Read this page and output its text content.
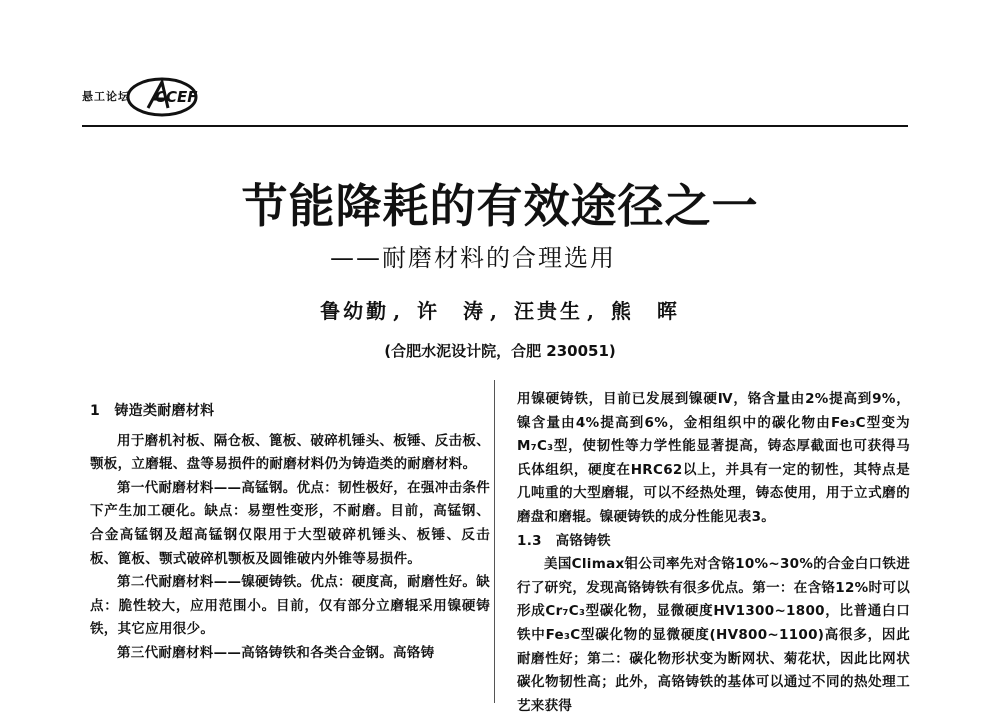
悬工论坛 CCEF
节能降耗的有效途径之一
——耐磨材料的合理选用
鲁幼勤 , 许　涛 , 汪贵生 , 熊　晖
(合肥水泥设计院，合肥 230051)
1　铸造类耐磨材料

用于磨机衬板、隔仓板、篦板、破碎机锤头、板锤、反击板、颚板，立磨辊、盘等易损件的耐磨材料仍为铸造类的耐磨材料。

第一代耐磨材料——高锰钢。优点：韧性极好，在强冲击条件下产生加工硬化。缺点：易塑性变形，不耐磨。目前，高锰钢、合金高锰钢及超高锰钢仅限用于大型破碎机锤头、板锤、反击板、篦板、颚式破碎机颚板及圆锥破内外锥等易损件。

第二代耐磨材料——镍硬铸铁。优点：硬度高，耐磨性好。缺点：脆性较大，应用范围小。目前，仅有部分立磨辊采用镍硬铸铁，其它应用很少。

第三代耐磨材料——高铬铸铁和各类合金钢。高铬铸

用镍硬铸铁，目前已发展到镍硬Ⅳ，铬含量由2%提高到9%，镍含量由4%提高到6%，金相组织中的碳化物由Fe₃C型变为M₇C₃型，使韧性等力学性能显著提高，铸态厚截面也可获得马氏体组织，硬度在HRC62以上，并具有一定的韧性，其特点是几吨重的大型磨辊，可以不经热处理，铸态使用，用于立式磨的磨盘和磨辊。镍硬铸铁的成分性能见表3。

1.3　高铬铸铁

美国Climax钼公司率先对含铬10%~30%的合金白口铁进行了研究，发现高铬铸铁有很多优点。第一：在含铬12%时可以形成Cr₇C₃型碳化物，显微硬度HV1300~1800，比普通白口铁中Fe₃C型碳化物的显微硬度(HV800~1100)高很多，因此耐磨性好；第二：碳化物形状变为断网状、菊花状，因此比网状碳化物韧性高；此外，高铬铸铁的基体可以通过不同的热处理工艺来获得
